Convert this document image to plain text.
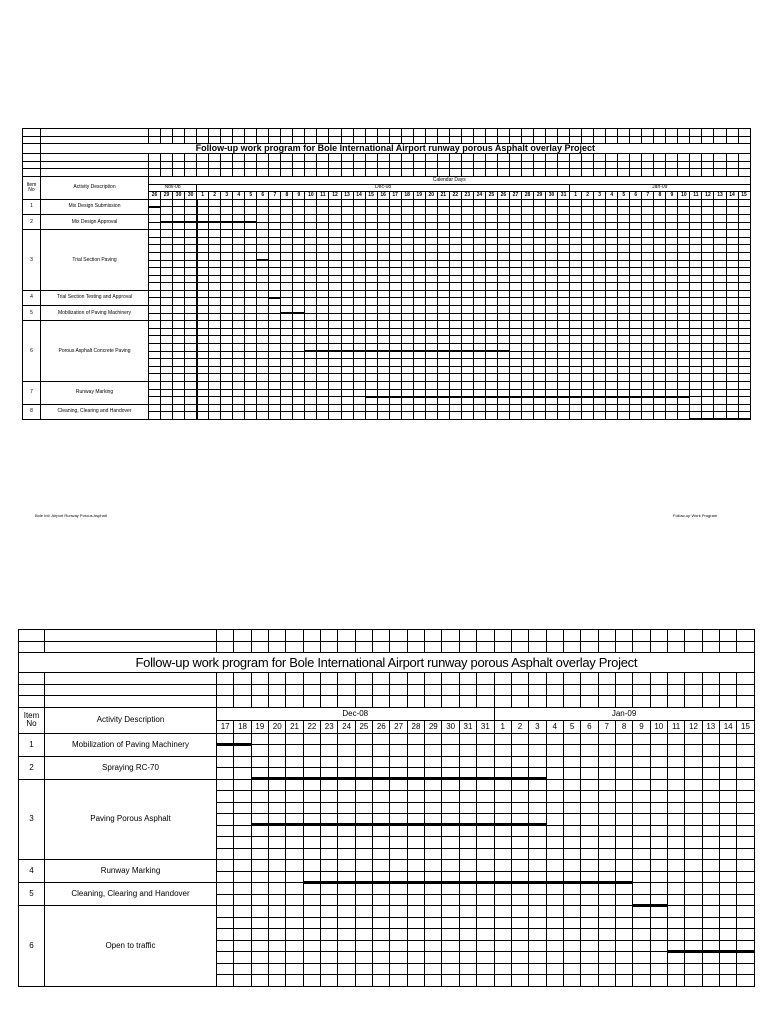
	Follow-up work program for Bole International Airport runway porous Asphalt overlay Project																																																		

Item No	Activity Description	Calendar Days																																																	
		Nov-08				Dec-08																															Jan-09														
		26	29	30	30	1	2	3	4	5	6	7	8	9	10	11	12	13	14	15	16	17	18	19	20	21	22	23	24	25	26	27	28	29	30	31	1	2	3	4	5	6	7	8	9	10	11	12	13	14	15
1	Mix Design Submission																																																		

2	Mix Design Approval																																																		

3	Trial Section Paving																																																		

4	Trial Section Testing and Approval																																																		

5	Mobilization of Paving Machinery																																																		

6	Porous Asphalt Concrete Paving																																																		

7	Runway Marking																																																		

8	Cleaning, Clearing and Handover																																																		

Follow-up work program for Bole International Airport runway porous Asphalt overlay Project																																

Item No	Activity Description	Dec-08																Jan-09														
		17	18	19	20	21	22	23	24	25	26	27	28	29	30	31	31	1	2	3	4	5	6	7	8	9	10	11	12	13	14	15
1	Mobilization of Paving Machinery																															

2	Spraying RC-70																															

3	Paving Porous Asphalt																															

4	Runway Marking																															

5	Cleaning, Clearing and Handover																															

6	Open to traffic																															

Bole Intl. Airport Runway Porous Asphalt	Follow-up Work Program
